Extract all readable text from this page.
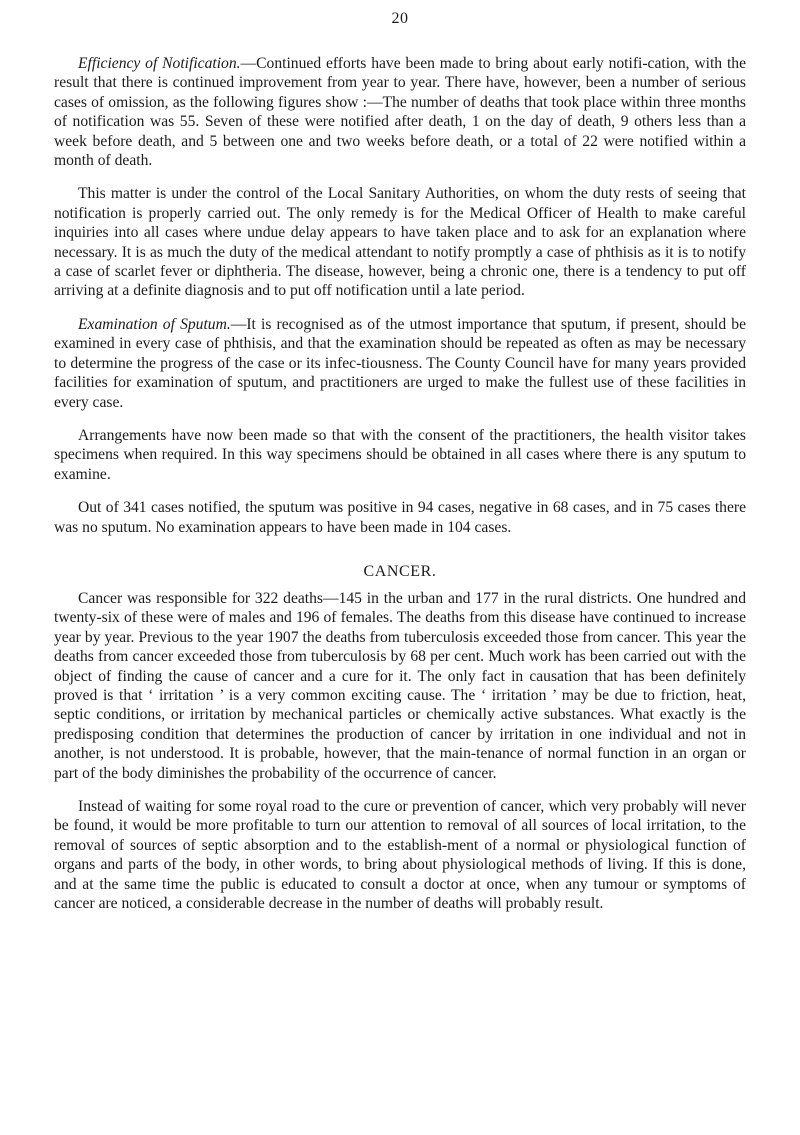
20

Efficiency of Notification.—Continued efforts have been made to bring about early notifi-cation, with the result that there is continued improvement from year to year. There have, however, been a number of serious cases of omission, as the following figures show :—The number of deaths that took place within three months of notification was 55. Seven of these were notified after death, 1 on the day of death, 9 others less than a week before death, and 5 between one and two weeks before death, or a total of 22 were notified within a month of death.

This matter is under the control of the Local Sanitary Authorities, on whom the duty rests of seeing that notification is properly carried out. The only remedy is for the Medical Officer of Health to make careful inquiries into all cases where undue delay appears to have taken place and to ask for an explanation where necessary. It is as much the duty of the medical attendant to notify promptly a case of phthisis as it is to notify a case of scarlet fever or diphtheria. The disease, however, being a chronic one, there is a tendency to put off arriving at a definite diagnosis and to put off notification until a late period.

Examination of Sputum.—It is recognised as of the utmost importance that sputum, if present, should be examined in every case of phthisis, and that the examination should be repeated as often as may be necessary to determine the progress of the case or its infec-tiousness. The County Council have for many years provided facilities for examination of sputum, and practitioners are urged to make the fullest use of these facilities in every case.

Arrangements have now been made so that with the consent of the practitioners, the health visitor takes specimens when required. In this way specimens should be obtained in all cases where there is any sputum to examine.

Out of 341 cases notified, the sputum was positive in 94 cases, negative in 68 cases, and in 75 cases there was no sputum. No examination appears to have been made in 104 cases.

CANCER.

Cancer was responsible for 322 deaths—145 in the urban and 177 in the rural districts. One hundred and twenty-six of these were of males and 196 of females. The deaths from this disease have continued to increase year by year. Previous to the year 1907 the deaths from tuberculosis exceeded those from cancer. This year the deaths from cancer exceeded those from tuberculosis by 68 per cent. Much work has been carried out with the object of finding the cause of cancer and a cure for it. The only fact in causation that has been definitely proved is that ‘ irritation ’ is a very common exciting cause. The ‘ irritation ’ may be due to friction, heat, septic conditions, or irritation by mechanical particles or chemically active substances. What exactly is the predisposing condition that determines the production of cancer by irritation in one individual and not in another, is not understood. It is probable, however, that the main-tenance of normal function in an organ or part of the body diminishes the probability of the occurrence of cancer.

Instead of waiting for some royal road to the cure or prevention of cancer, which very probably will never be found, it would be more profitable to turn our attention to removal of all sources of local irritation, to the removal of sources of septic absorption and to the establish-ment of a normal or physiological function of organs and parts of the body, in other words, to bring about physiological methods of living. If this is done, and at the same time the public is educated to consult a doctor at once, when any tumour or symptoms of cancer are noticed, a considerable decrease in the number of deaths will probably result.
